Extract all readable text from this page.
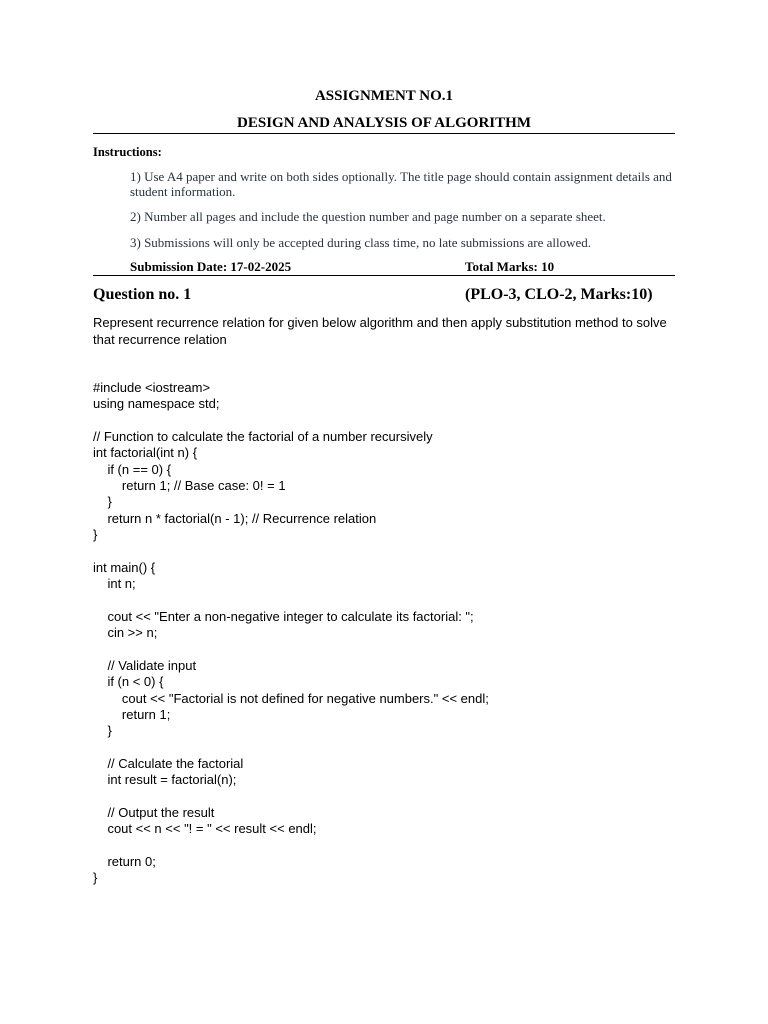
ASSIGNMENT NO.1
DESIGN AND ANALYSIS OF ALGORITHM
Instructions:
1) Use A4 paper and write on both sides optionally. The title page should contain assignment details and student information.
2) Number all pages and include the question number and page number on a separate sheet.
3) Submissions will only be accepted during class time, no late submissions are allowed.
Submission Date: 17-02-2025	Total Marks: 10
Question no. 1	(PLO-3, CLO-2, Marks:10)
Represent recurrence relation for given below algorithm and then apply substitution method to solve that recurrence relation
#include <iostream>
using namespace std;
// Function to calculate the factorial of a number recursively
int factorial(int n) {
if (n == 0) {
return 1; // Base case: 0! = 1
}
return n * factorial(n - 1); // Recurrence relation
}
int main() {
int n;
cout << "Enter a non-negative integer to calculate its factorial: ";
cin >> n;
// Validate input
if (n < 0) {
cout << "Factorial is not defined for negative numbers." << endl;
return 1;
}
// Calculate the factorial
int result = factorial(n);
// Output the result
cout << n << "! = " << result << endl;
return 0;
}
